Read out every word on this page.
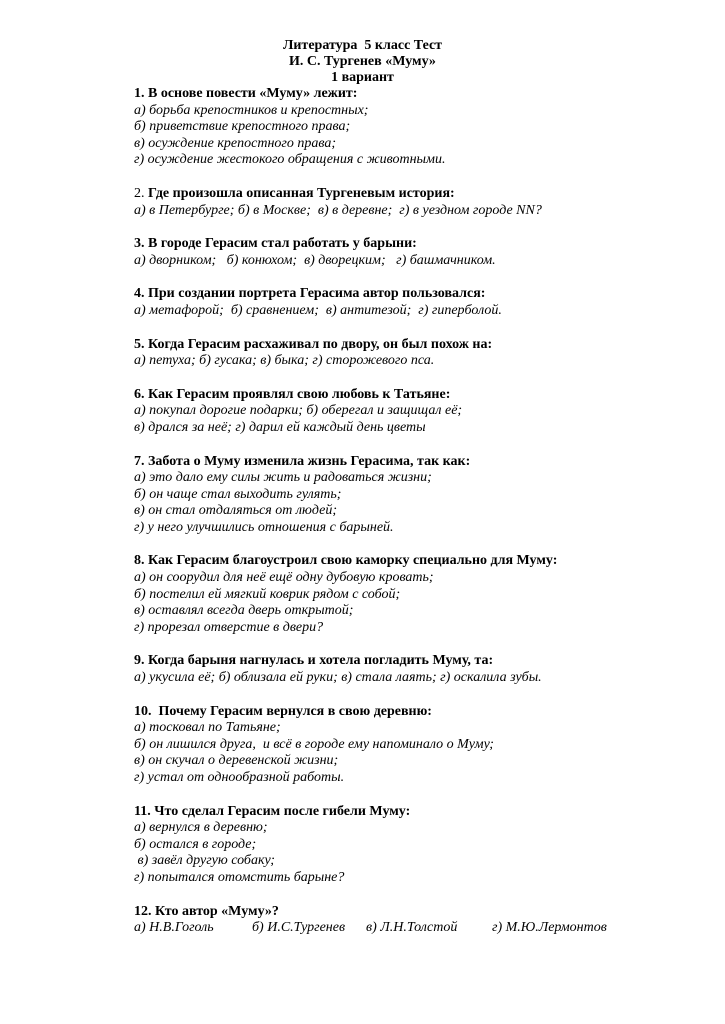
Литература  5 класс Тест
И. С. Тургенев «Муму»
1 вариант
1. В основе повести «Муму» лежит:
а) борьба крепостников и крепостных;
б) приветствие крепостного права;
в) осуждение крепостного права;
г) осуждение жестокого обращения с животными.
2. Где произошла описанная Тургеневым история:
а) в Петербурге; б) в Москве;  в) в деревне;  г) в уездном городе NN?
3. В городе Герасим стал работать у барыни:
а) дворником;   б) конюхом;  в) дворецким;   г) башмачником.
4. При создании портрета Герасима автор пользовался:
а) метафорой;  б) сравнением;  в) антитезой;  г) гиперболой.
5. Когда Герасим расхаживал по двору, он был похож на:
а) петуха; б) гусака; в) быка; г) сторожевого пса.
6. Как Герасим проявлял свою любовь к Татьяне:
а) покупал дорогие подарки; б) оберегал и защищал её;
в) дрался за неё; г) дарил ей каждый день цветы
7. Забота о Муму изменила жизнь Герасима, так как:
а) это дало ему силы жить и радоваться жизни;
б) он чаще стал выходить гулять;
в) он стал отдаляться от людей;
г) у него улучшились отношения с барыней.
8. Как Герасим благоустроил свою каморку специально для Муму:
а) он соорудил для неё ещё одну дубовую кровать;
б) постелил ей мягкий коврик рядом с собой;
в) оставлял всегда дверь открытой;
г) прорезал отверстие в двери?
9. Когда барыня нагнулась и хотела погладить Муму, та:
а) укусила её; б) облизала ей руки; в) стала лаять; г) оскалила зубы.
10.  Почему Герасим вернулся в свою деревню:
а) тосковал по Татьяне;
б) он лишился друга,  и всё в городе ему напоминало о Муму;
в) он скучал о деревенской жизни;
г) устал от однообразной работы.
11. Что сделал Герасим после гибели Муму:
а) вернулся в деревню;
б) остался в городе;
в) завёл другую собаку;
г) попытался отомстить барыне?
12. Кто автор «Муму»?
а) Н.В.Гоголь	б) И.С.Тургенев в) Л.Н.Толстой г) М.Ю.Лермонтов
